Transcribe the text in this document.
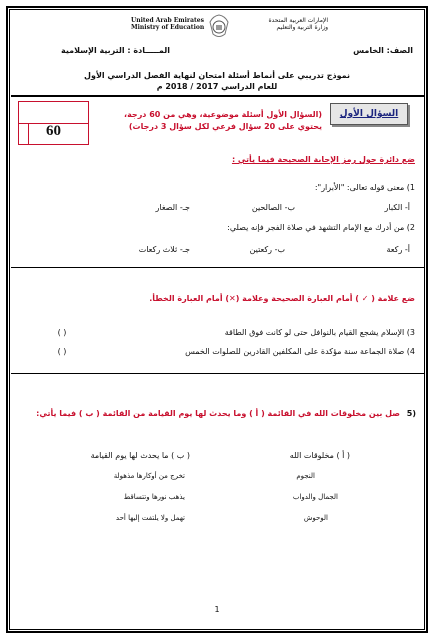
United Arab Emirates
Ministry of Education
الإمارات العربية المتحدة
وزارة التربية والتعليم
الصف: الخامس
المـــــادة : التربية الإسلامية
نموذج تدريبي على أنماط أسئلة امتحان لنهاية الفصل الدراسي الأول
للعام الدراسي 2017 / 2018 م
60
السؤال الأول
(السؤال الأول أسئلة موضوعية، وهي من 60 درجة،
يحتوي على 20 سؤال فرعي لكل سؤال 3 درجات)
ضع دائرة حول رمز الإجابة الصحيحة فيما يأتي :
1) معنى قوله تعالى: "الأبرار":
أ- الكبار
ب- الصالحين
جـ- الصغار
2) من أدرك مع الإمام التشهد في صلاة الفجر فإنه يصلي:
أ- ركعة
ب- ركعتين
جـ- ثلاث ركعات
ضع علامة ( ✓ ) أمام العبارة الصحيحة وعلامة (✕) أمام العبارة الخطأ.
3) الإسلام يشجع القيام بالنوافل حتى لو كانت فوق الطاقة
( )
4) صلاة الجماعة سنة مؤكدة على المكلفين القادرين للصلوات الخمس
( )
5)
صل بين مخلوقات الله في القائمة ( أ ) وما يحدث لها يوم القيامة من القائمة ( ب ) فيما يأتي:
( أ ) مخلوقات الله
( ب ) ما يحدث لها يوم القيامة
النجوم
الجمال والدواب
الوحوش
تخرج من أوكارها مذهولة
يذهب نورها وتتساقط
تهمل ولا يلتفت إليها أحد
1
